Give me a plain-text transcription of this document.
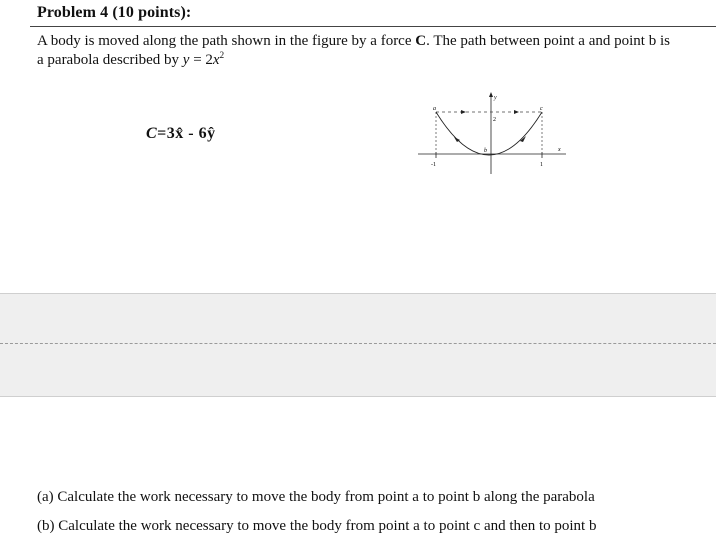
Problem 4 (10 points):
A body is moved along the path shown in the figure by a force C. The path between point a and point b is a parabola described by $y = 2x^2$
C=3x̂ - 6ŷ
y
x
a	c
b
2
-1	1
(a) Calculate the work necessary to move the body from point a to point b along the parabola
(b) Calculate the work necessary to move the body from point a to point c and then to point b
